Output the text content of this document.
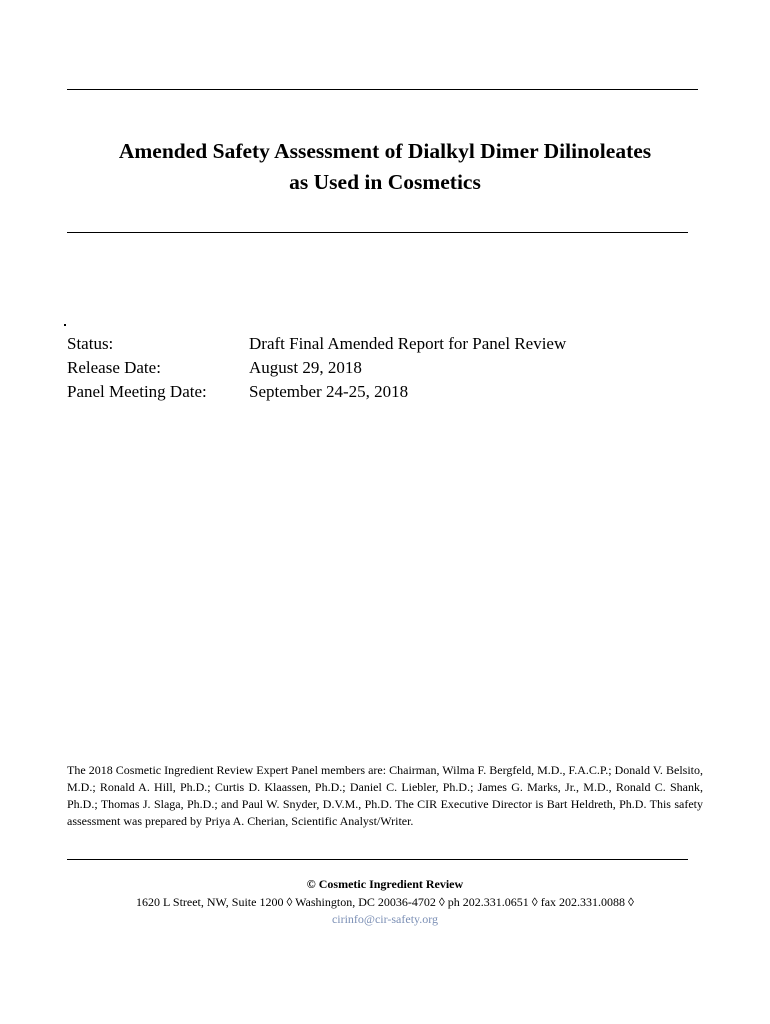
Amended Safety Assessment of Dialkyl Dimer Dilinoleates
as Used in Cosmetics
Status:	Draft Final Amended Report for Panel Review
Release Date:	August 29, 2018
Panel Meeting Date: September 24-25, 2018
The 2018 Cosmetic Ingredient Review Expert Panel members are: Chairman, Wilma F. Bergfeld, M.D., F.A.C.P.; Donald V. Belsito, M.D.; Ronald A. Hill, Ph.D.; Curtis D. Klaassen, Ph.D.; Daniel C. Liebler, Ph.D.; James G. Marks, Jr., M.D., Ronald C. Shank, Ph.D.; Thomas J. Slaga, Ph.D.; and Paul W. Snyder, D.V.M., Ph.D. The CIR Executive Director is Bart Heldreth, Ph.D. This safety assessment was prepared by Priya A. Cherian, Scientific Analyst/Writer.
© Cosmetic Ingredient Review
1620 L Street, NW, Suite 1200 ◊ Washington, DC 20036-4702 ◊ ph 202.331.0651 ◊ fax 202.331.0088 ◊
cirinfo@cir-safety.org
